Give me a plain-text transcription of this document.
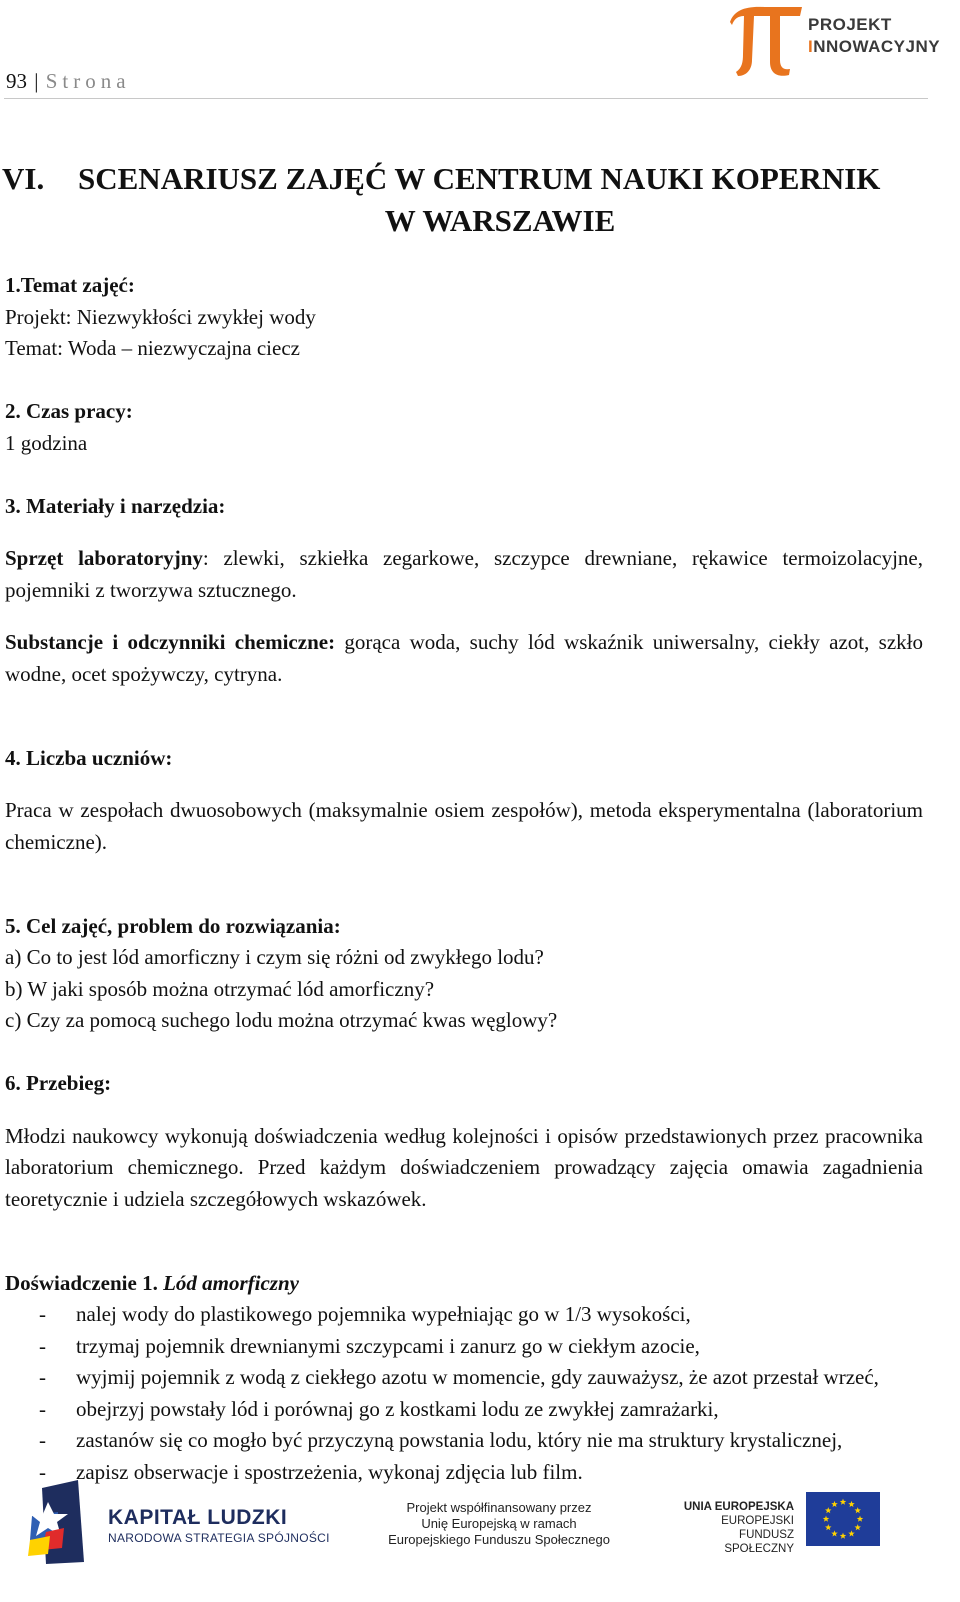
93 | Strona
PROJEKT
INNOWACYJNY
VI. SCENARIUSZ ZAJĘĆ W CENTRUM NAUKI KOPERNIK
W WARSZAWIE

1.Temat zajęć:

Projekt: Niezwykłości zwykłej wody

Temat: Woda – niezwyczajna ciecz

2. Czas pracy:

1 godzina

3. Materiały i narzędzia:

Sprzęt laboratoryjny: zlewki, szkiełka zegarkowe, szczypce drewniane, rękawice termoizolacyjne, pojemniki z tworzywa sztucznego.

Substancje i odczynniki chemiczne: gorąca woda, suchy lód wskaźnik uniwersalny, ciekły azot, szkło wodne, ocet spożywczy, cytryna.

4. Liczba uczniów:

Praca w zespołach dwuosobowych (maksymalnie osiem zespołów), metoda eksperymentalna (laboratorium chemiczne).

5. Cel zajęć, problem do rozwiązania:

a) Co to jest lód amorficzny i czym się różni od zwykłego lodu?

b) W jaki sposób można otrzymać lód amorficzny?

c) Czy za pomocą suchego lodu można otrzymać kwas węglowy?

6. Przebieg:

Młodzi naukowcy wykonują doświadczenia według kolejności i opisów przedstawionych przez pracownika laboratorium chemicznego. Przed każdym doświadczeniem prowadzący zajęcia omawia zagadnienia teoretycznie i udziela szczegółowych wskazówek.

Doświadczenie 1. Lód amorficzny

- nalej wody do plastikowego pojemnika wypełniając go w 1/3 wysokości,
- trzymaj pojemnik drewnianymi szczypcami i zanurz go w ciekłym azocie,
- wyjmij pojemnik z wodą z ciekłego azotu w momencie, gdy zauważysz, że azot przestał wrzeć,
- obejrzyj powstały lód i porównaj go z kostkami lodu ze zwykłej zamrażarki,
- zastanów się co mogło być przyczyną powstania lodu, który nie ma struktury krystalicznej,
- zapisz obserwacje i spostrzeżenia, wykonaj zdjęcia lub film.
KAPITAŁ LUDZKI
NARODOWA STRATEGIA SPÓJNOŚCI
Projekt współfinansowany przez
Unię Europejską w ramach
Europejskiego Funduszu Społecznego
UNIA EUROPEJSKA
EUROPEJSKI
FUNDUSZ SPOŁECZNY
